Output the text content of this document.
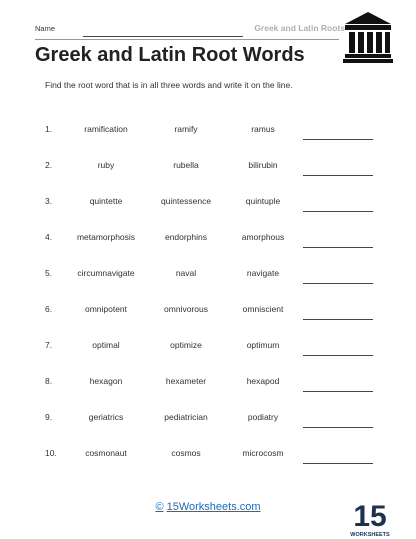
Name	Greek and Latin Roots
Greek and Latin Root Words
Find the root word that is in all three words and write it on the line.
1.	ramification	ramify	ramus
2.	ruby	rubella	bilirubin
3.	quintette	quintessence	quintuple
4.	metamorphosis	endorphins	amorphous
5.	circumnavigate	naval	navigate
6.	omnipotent	omnivorous	omniscient
7.	optimal	optimize	optimum
8.	hexagon	hexameter	hexapod
9.	geriatrics	pediatrician	podiatry
10.	cosmonaut	cosmos	microcosm
© 15Worksheets.com	15
WORKSHEETS
